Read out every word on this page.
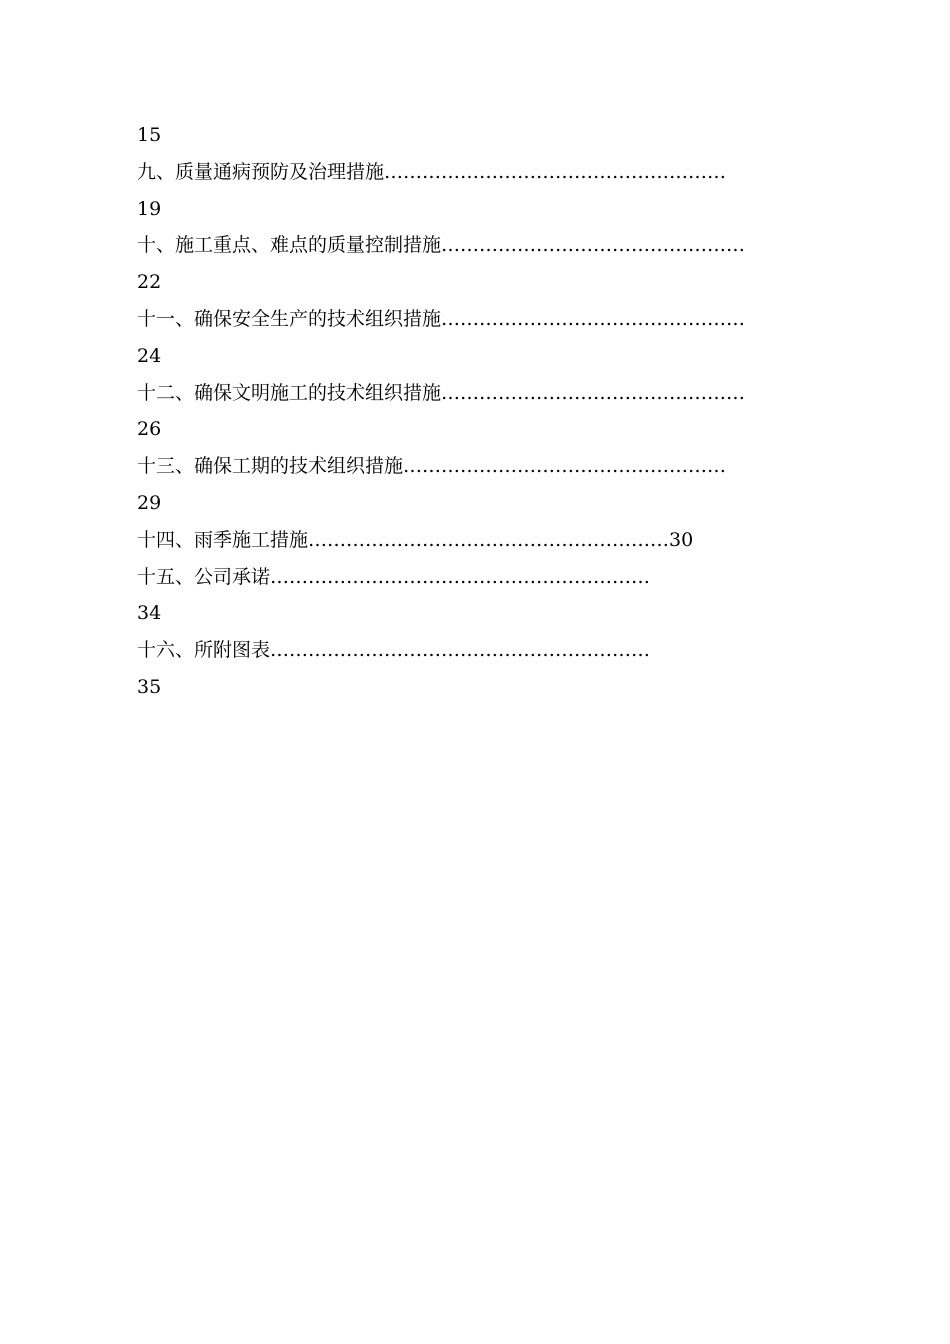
15
九、质量通病预防及治理措施 ………………………………………………
19
十、施工重点、难点的质量控制措施 …………………………………………
22
十一、确保安全生产的技术组织措施 …………………………………………
24
十二、确保文明施工的技术组织措施 …………………………………………
26
十三、确保工期的技术组织措施 ……………………………………………
29
十四、雨季施工措施 ………………………………………………… 30
十五、公司承诺 ……………………………………………………
34
十六、所附图表 ……………………………………………………
35
